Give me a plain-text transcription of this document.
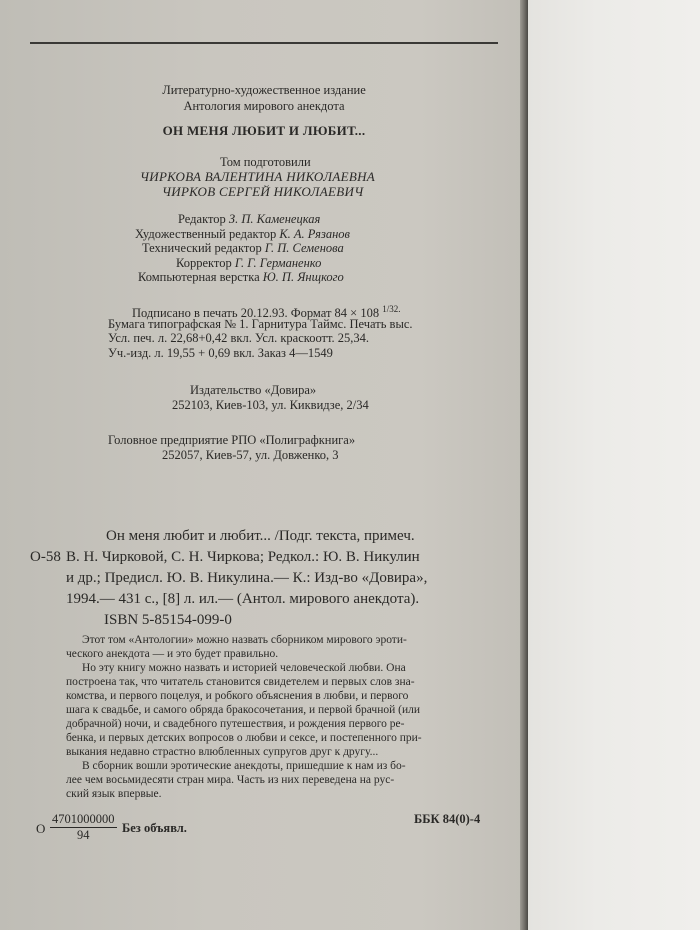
Литературно-художественное издание
Антология мирового анекдота
ОН МЕНЯ ЛЮБИТ И ЛЮБИТ...
Том подготовили
ЧИРКОВА ВАЛЕНТИНА НИКОЛАЕВНА
ЧИРКОВ СЕРГЕЙ НИКОЛАЕВИЧ
Редактор З. П. Каменецкая
Художественный редактор К. А. Рязанов
Технический редактор Г. П. Семенова
Корректор Г. Г. Германенко
Компьютерная верстка Ю. П. Янщкого
Подписано в печать 20.12.93. Формат 84 × 108 $^{1/32.}$
Бумага типографская № 1. Гарнитура Таймс. Печать выс.
Усл. печ. л. 22,68+0,42 вкл. Усл. краскоотт. 25,34.
Уч.-изд. л. 19,55 + 0,69 вкл. Заказ 4—1549
Издательство «Довира»
252103, Киев-103, ул. Киквидзе, 2/34
Головное предприятие РПО «Полиграфкнига»
252057, Киев-57, ул. Довженко, 3
Он меня любит и любит... /Подг. текста, примеч.
О-58 В. Н. Чирковой, С. Н. Чиркова; Редкол.: Ю. В. Никулин
и др.; Предисл. Ю. В. Никулина.— К.: Изд-во «Довира»,
1994.— 431 с., [8] л. ил.— (Антол. мирового анекдота).
ISBN 5-85154-099-0
Этот том «Антологии» можно назвать сборником мирового эроти-
ческого анекдота — и это будет правильно.
Но эту книгу можно назвать и историей человеческой любви. Она
построена так, что читатель становится свидетелем и первых слов зна-
комства, и первого поцелуя, и робкого объяснения в любви, и первого
шага к свадьбе, и самого обряда бракосочетания, и первой брачной (или
добрачной) ночи, и свадебного путешествия, и рождения первого ре-
бенка, и первых детских вопросов о любви и сексе, и постепенного при-
выкания недавно страстно влюбленных супругов друг к другу...
В сборник вошли эротические анекдоты, пришедшие к нам из бо-
лее чем восьмидесяти стран мира. Часть из них переведена на рус-
ский язык впервые.
О $\frac{4701000000}{94}$ Без объявл.
ББК 84(0)-4
